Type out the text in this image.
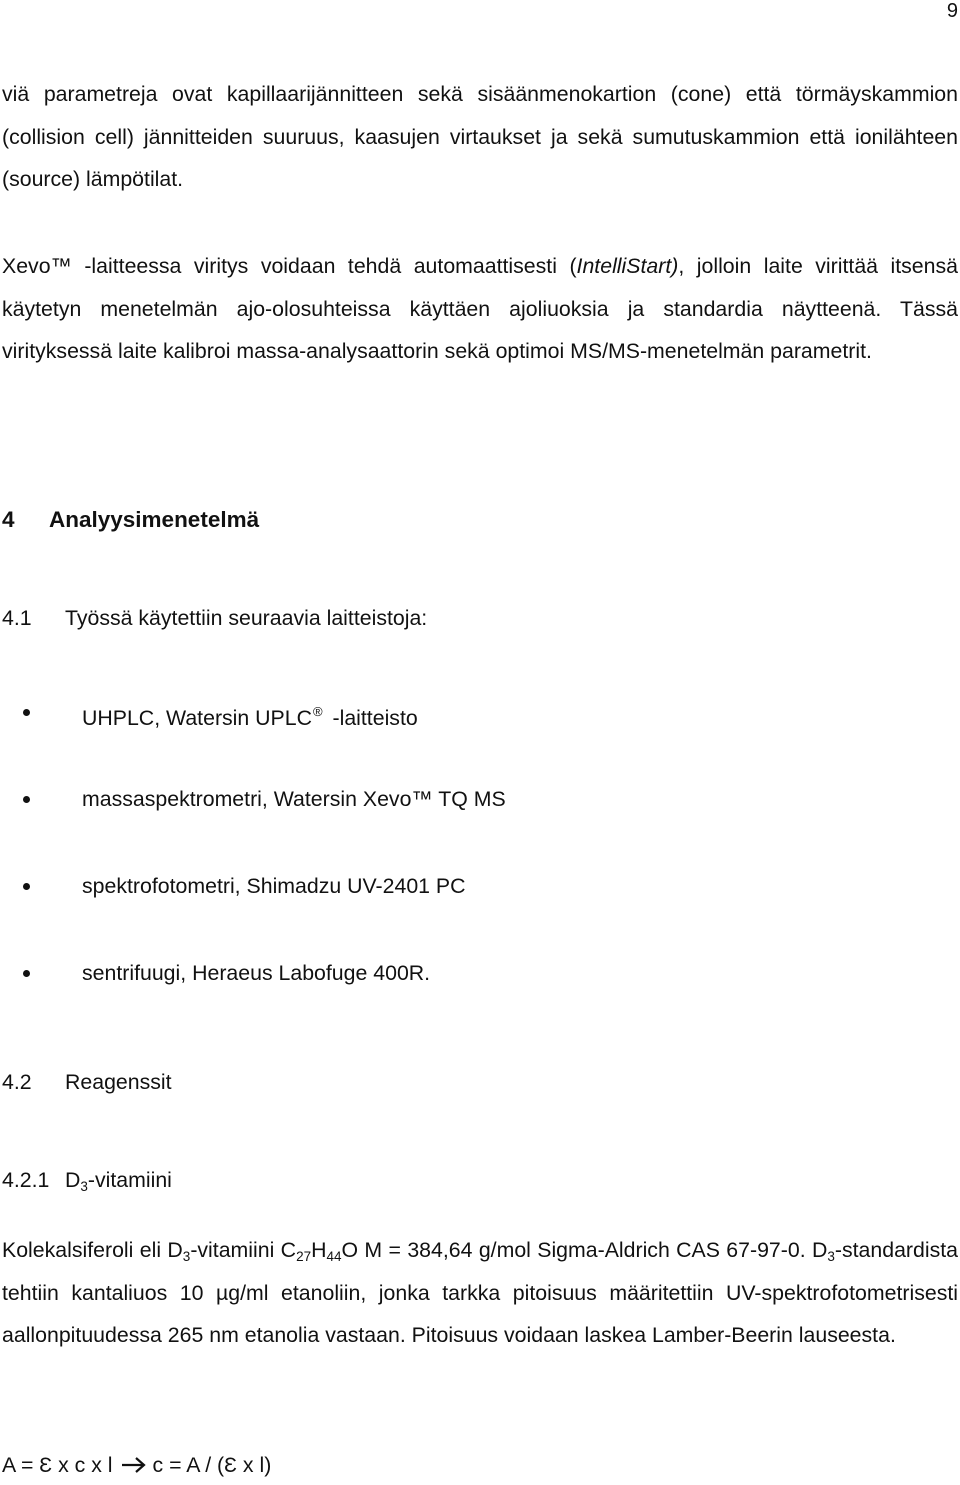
9

viä parametreja ovat kapillaarijännitteen sekä sisäänmenokartion (cone) että törmäyskammion (collision cell) jännitteiden suuruus, kaasujen virtaukset ja sekä sumutuskammion että ionilähteen (source) lämpötilat.

Xevo™ -laitteessa viritys voidaan tehdä automaattisesti (IntelliStart), jolloin laite virittää itsensä käytetyn menetelmän ajo-olosuhteissa käyttäen ajoliuoksia ja standardia näytteenä. Tässä virityksessä laite kalibroi massa-analysaattorin sekä optimoi MS/MS-menetelmän parametrit.

4 Analyysimenetelmä
4.1 Työssä käytettiin seuraavia laitteistoja:
UHPLC, Watersin UPLC® -laitteisto
massaspektrometri, Watersin Xevo™ TQ MS
spektrofotometri, Shimadzu UV-2401 PC
sentrifuugi, Heraeus Labofuge 400R.
4.2 Reagenssit
4.2.1 $D_3$-vitamiini

Kolekalsiferoli eli $D_3$-vitamiini $C_{27}H_{44}O$ M = 384,64 g/mol Sigma-Aldrich CAS 67-97-0. $D_3$-standardista tehtiin kantaliuos 10 µg/ml etanoliin, jonka tarkka pitoisuus määritettiin UV-spektrofotometrisesti aallonpituudessa 265 nm etanolia vastaan. Pitoisuus voidaan laskea Lamber-Beerin lauseesta.

A = Ɛ x c x l c = A / (Ɛ x l)
